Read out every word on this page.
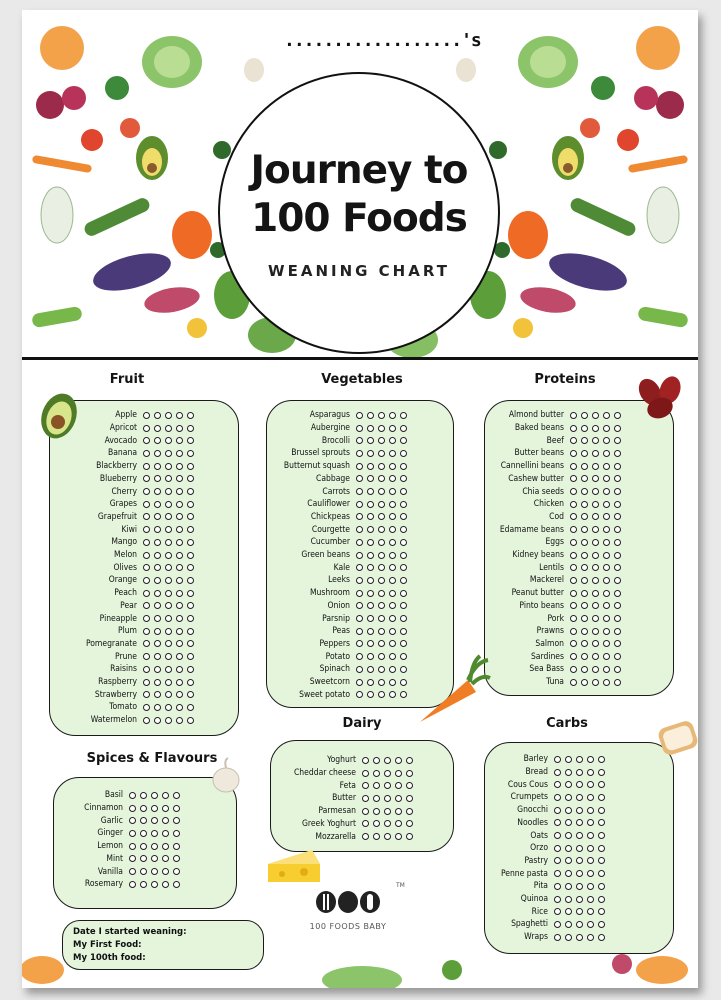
..................'s
Journey to
100 Foods
WEANING CHART
Fruit	Vegetables	Proteins
Spices & Flavours
Dairy	Carbs
Apple
Apricot
Avocado
Banana
Blackberry
Blueberry
Cherry
Grapes
Grapefruit
Kiwi
Mango
Melon
Olives
Orange
Peach
Pear
Pineapple
Plum
Pomegranate
Prune
Raisins
Raspberry
Strawberry
Tomato
Watermelon
Asparagus
Aubergine
Brocolli
Brussel sprouts
Butternut squash
Cabbage
Carrots
Cauliflower
Chickpeas
Courgette
Cucumber
Green beans
Kale
Leeks
Mushroom
Onion
Parsnip
Peas
Peppers
Potato
Spinach
Sweetcorn
Sweet potato
Almond butter
Baked beans
Beef
Butter beans
Cannellini beans
Cashew butter
Chia seeds
Chicken
Cod
Edamame beans
Eggs
Kidney beans
Lentils
Mackerel
Peanut butter
Pinto beans
Pork
Prawns
Salmon
Sardines
Sea Bass
Tuna
Basil
Cinnamon
Garlic
Ginger
Lemon
Mint
Vanilla
Rosemary
Yoghurt
Cheddar cheese
Feta
Butter
Parmesan
Greek Yoghurt
Mozzarella
Barley
Bread
Cous Cous
Crumpets
Gnocchi
Noodles
Oats
Orzo
Pastry
Penne pasta
Pita
Quinoa
Rice
Spaghetti
Wraps
Date I started weaning:
My First Food:
My 100th food:
100 FOODS BABY
TM
